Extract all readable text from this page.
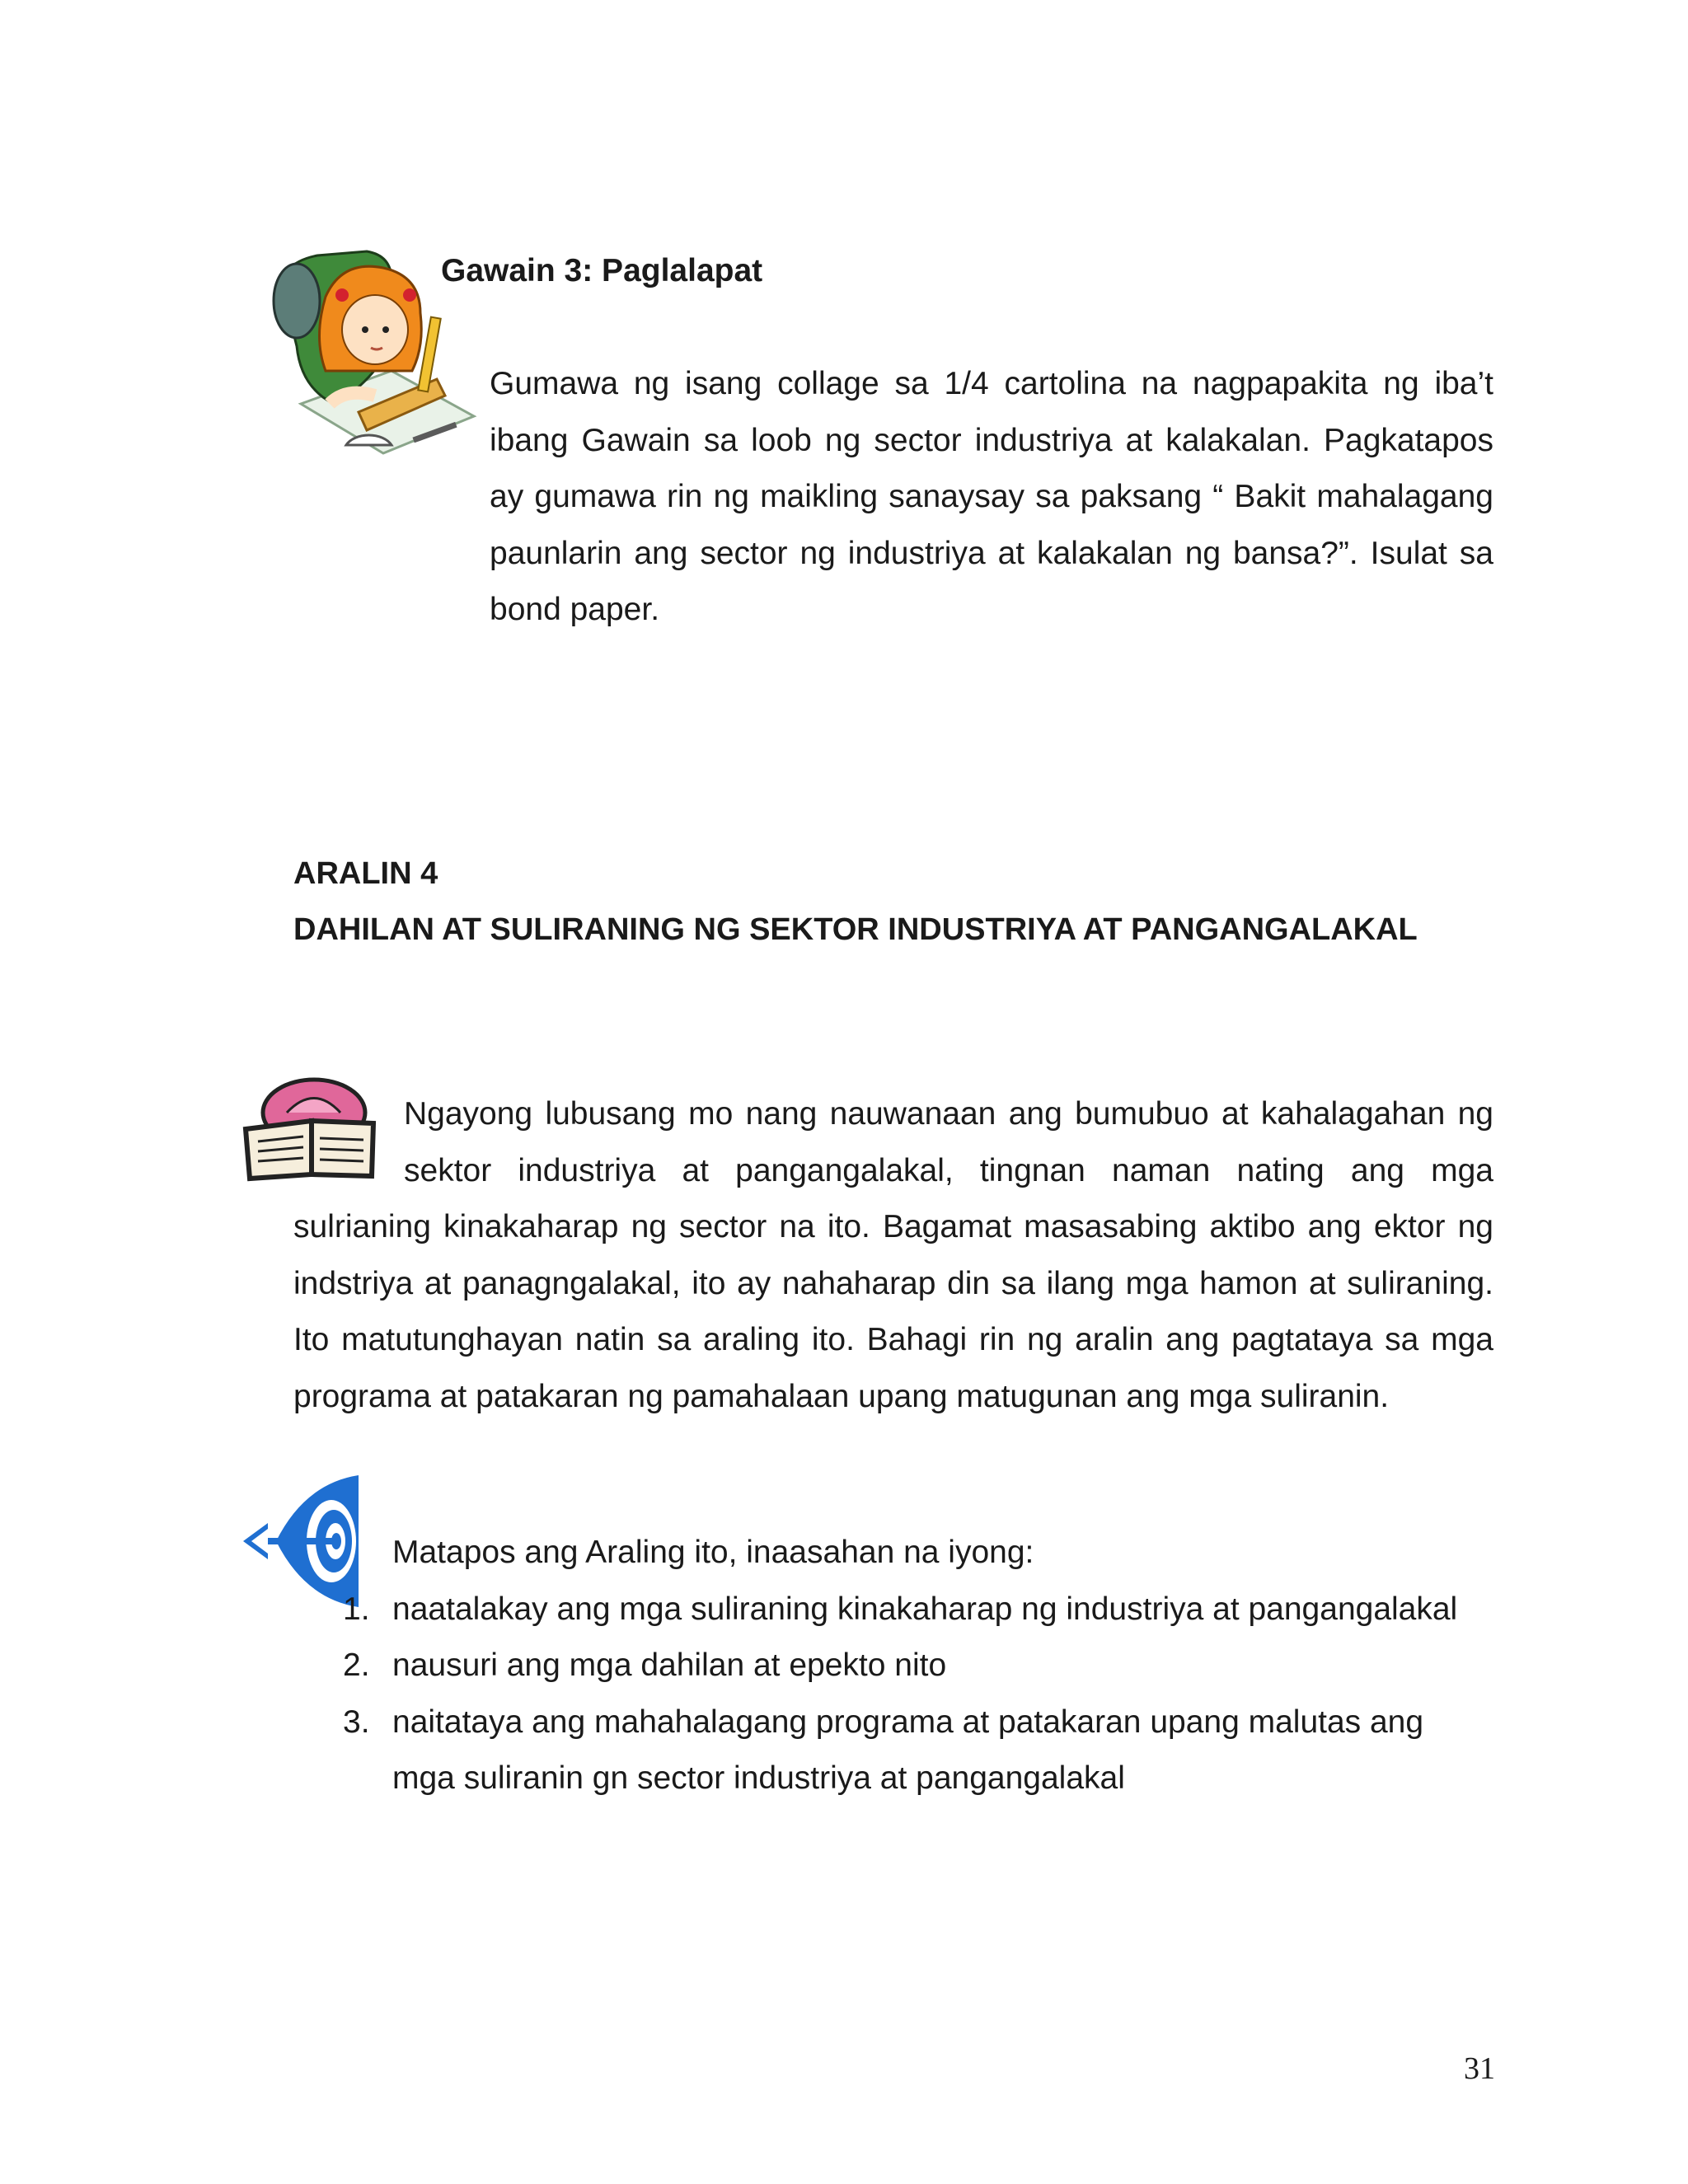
Gawain 3: Paglalapat
Gumawa ng isang collage sa 1/4 cartolina na nagpapakita ng iba’t
ibang Gawain sa loob ng sector industriya at kalakalan. Pagkatapos
ay gumawa rin ng maikling sanaysay sa paksang “ Bakit mahalagang
paunlarin ang sector ng industriya at kalakalan ng bansa?”. Isulat sa
bond paper.
ARALIN 4
DAHILAN AT SULIRANING NG SEKTOR INDUSTRIYA AT PANGANGALAKAL
Ngayong lubusang mo nang nauwanaan ang bumubuo at kahalagahan ng
sektor industriya at pangangalakal, tingnan naman nating ang mga
sulrianing kinakaharap ng sector na ito. Bagamat masasabing aktibo ang ektor ng
indstriya at panagngalakal, ito ay nahaharap din sa ilang mga hamon at suliraning.
Ito matutunghayan natin sa araling ito. Bahagi rin ng aralin ang pagtataya sa mga
programa at patakaran ng pamahalaan upang matugunan ang mga suliranin.
Matapos ang Araling ito, inaasahan na iyong:
1. naatalakay ang mga suliraning kinakaharap ng industriya at pangangalakal
2. nausuri ang mga dahilan at epekto nito
3. naitataya ang mahahalagang programa at patakaran upang malutas ang
mga suliranin gn sector industriya at pangangalakal
31
